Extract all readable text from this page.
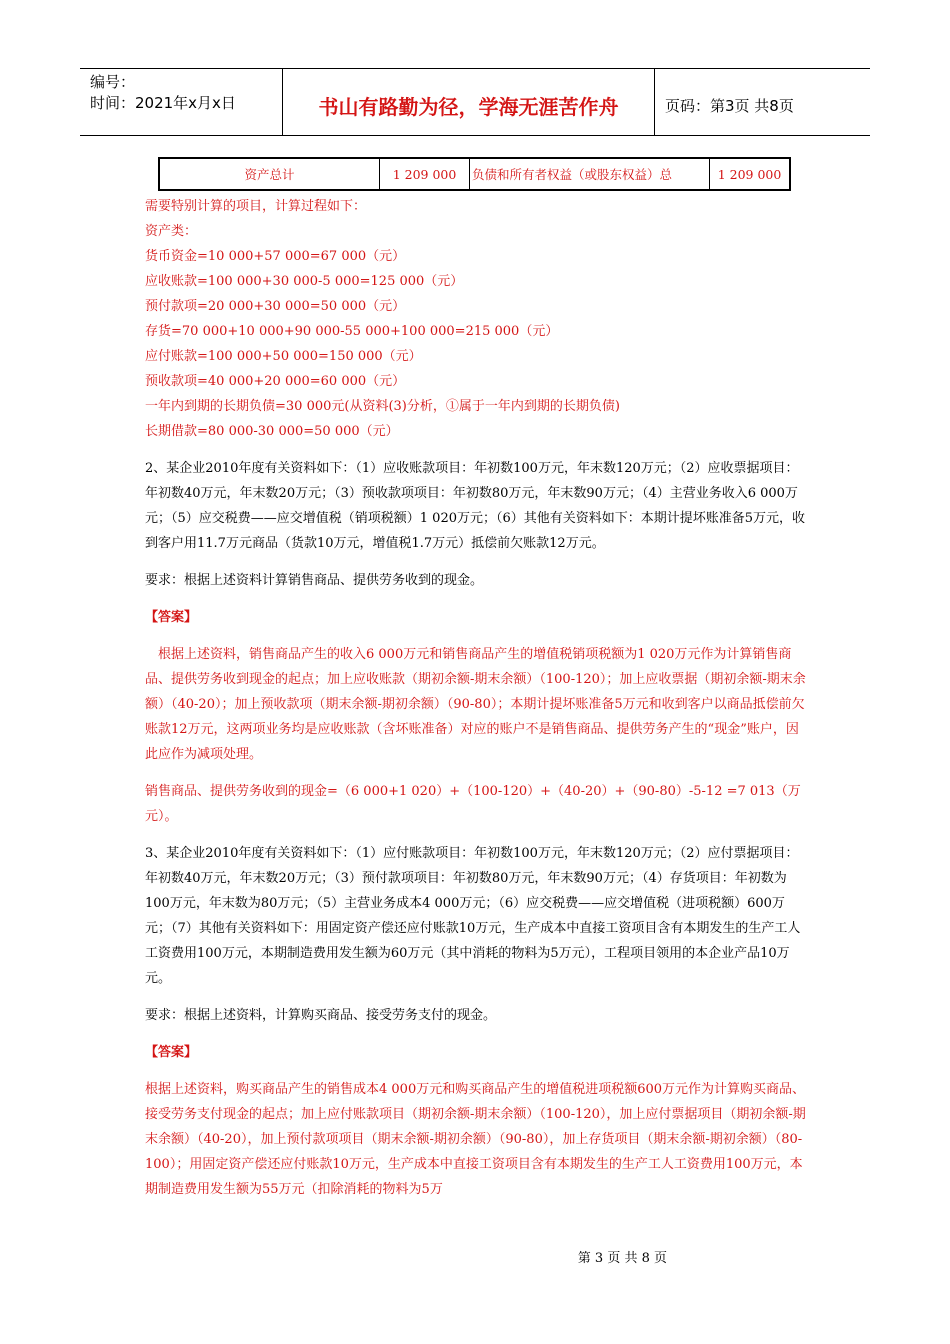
编号：
时间：2021年x月x日	书山有路勤为径，学海无涯苦作舟	页码：第3页 共8页
资产总计	1 209 000	负债和所有者权益（或股东权益）总	1 209 000

需要特别计算的项目，计算过程如下：

资产类：

货币资金=10 000+57 000=67 000（元）

应收账款=100 000+30 000-5 000=125 000（元）

预付款项=20 000+30 000=50 000（元）

存货=70 000+10 000+90 000-55 000+100 000=215 000（元）

应付账款=100 000+50 000=150 000（元）

预收款项=40 000+20 000=60 000（元）

一年内到期的长期负债=30 000元(从资料(3)分析，①属于一年内到期的长期负债)

长期借款=80 000-30 000=50 000（元）

2、某企业2010年度有关资料如下：（1）应收账款项目：年初数100万元，年末数120万元；（2）应收票据项目：年初数40万元，年末数20万元；（3）预收款项项目：年初数80万元，年末数90万元；（4）主营业务收入6 000万元；（5）应交税费——应交增值税（销项税额）1 020万元；（6）其他有关资料如下：本期计提坏账准备5万元，收到客户用11.7万元商品（货款10万元，增值税1.7万元）抵偿前欠账款12万元。

要求：根据上述资料计算销售商品、提供劳务收到的现金。

【答案】

根据上述资料，销售商品产生的收入6 000万元和销售商品产生的增值税销项税额为1 020万元作为计算销售商品、提供劳务收到现金的起点；加上应收账款（期初余额-期末余额）（100-120）；加上应收票据（期初余额-期末余额）（40-20）；加上预收款项（期末余额-期初余额）（90-80）；本期计提坏账准备5万元和收到客户以商品抵偿前欠账款12万元，这两项业务均是应收账款（含坏账准备）对应的账户不是销售商品、提供劳务产生的“现金”账户，因此应作为减项处理。

销售商品、提供劳务收到的现金=（6 000+1 020）+（100-120）+（40-20）+（90-80）-5-12 =7 013（万元）。

3、某企业2010年度有关资料如下：（1）应付账款项目：年初数100万元，年末数120万元；（2）应付票据项目：年初数40万元，年末数20万元；（3）预付款项项目：年初数80万元，年末数90万元；（4）存货项目：年初数为100万元，年末数为80万元；（5）主营业务成本4 000万元；（6）应交税费——应交增值税（进项税额）600万元；（7）其他有关资料如下：用固定资产偿还应付账款10万元，生产成本中直接工资项目含有本期发生的生产工人工资费用100万元，本期制造费用发生额为60万元（其中消耗的物料为5万元），工程项目领用的本企业产品10万元。

要求：根据上述资料，计算购买商品、接受劳务支付的现金。

【答案】

根据上述资料，购买商品产生的销售成本4 000万元和购买商品产生的增值税进项税额600万元作为计算购买商品、接受劳务支付现金的起点；加上应付账款项目（期初余额-期末余额）（100-120），加上应付票据项目（期初余额-期末余额）（40-20），加上预付款项项目（期末余额-期初余额）（90-80），加上存货项目（期末余额-期初余额）（80-100）；用固定资产偿还应付账款10万元，生产成本中直接工资项目含有本期发生的生产工人工资费用100万元，本期制造费用发生额为55万元（扣除消耗的物料为5万

第 3 页 共 8 页
